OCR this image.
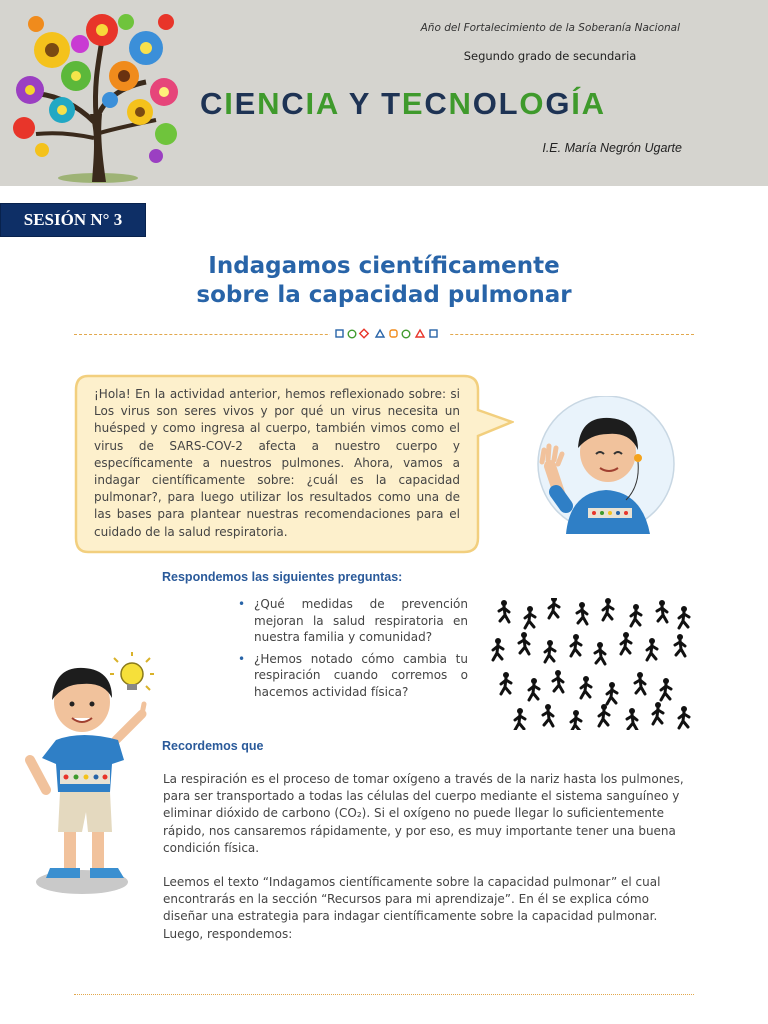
Año del Fortalecimiento de la Soberanía Nacional
Segundo grado de secundaria
CIENCIA Y TECNOLOGÍA
I.E. María Negrón Ugarte
SESIÓN N° 3
Indagamos científicamente
sobre la capacidad pulmonar
¡Hola! En la actividad anterior, hemos reflexionado sobre: si Los virus son seres vivos y por qué un virus necesita un huésped y como ingresa al cuerpo, también vimos como el virus de SARS-COV-2 afecta a nuestro cuerpo y específicamente a nuestros pulmones. Ahora, vamos a indagar científicamente sobre: ¿cuál es la capacidad pulmonar?, para luego utilizar los resultados como una de las bases para plantear nuestras recomendaciones para el cuidado de la salud respiratoria.
Respondemos las siguientes preguntas:
• ¿Qué medidas de prevención mejoran la salud respiratoria en nuestra familia y comunidad?
• ¿Hemos notado cómo cambia tu respiración cuando corremos o hacemos actividad física?
Recordemos que
La respiración es el proceso de tomar oxígeno a través de la nariz hasta los pulmones, para ser transportado a todas las células del cuerpo mediante el sistema sanguíneo y eliminar dióxido de carbono (CO₂). Si el oxígeno no puede llegar lo suficientemente rápido, nos cansaremos rápidamente, y por eso, es muy importante tener una buena condición física.
Leemos el texto “Indagamos científicamente sobre la capacidad pulmonar” el cual encontrarás en la sección “Recursos para mi aprendizaje”. En él se explica cómo diseñar una estrategia para indagar científicamente sobre la capacidad pulmonar. Luego, respondemos:
